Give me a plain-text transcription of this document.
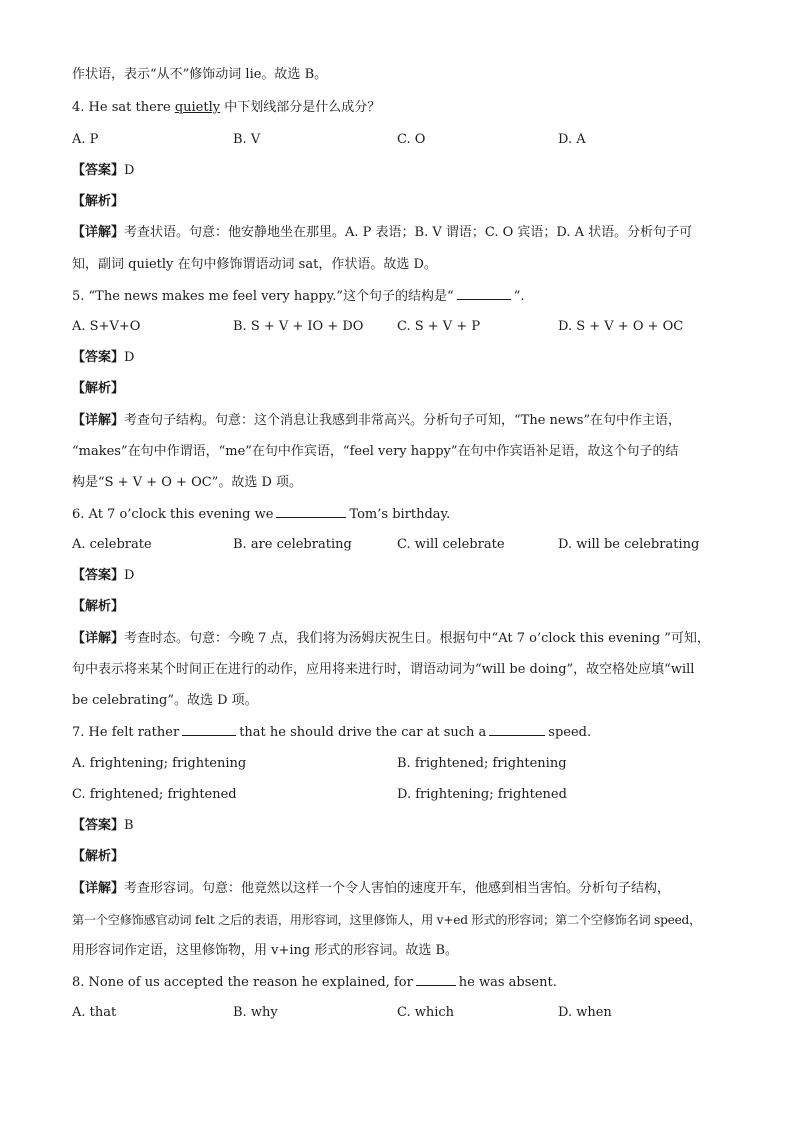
作状语，表示“从不”修饰动词 lie。故选 B。
4. He sat there quietly 中下划线部分是什么成分？
A. P	B. V	C. O	D. A
【答案】D
【解析】
【详解】考查状语。句意：他安静地坐在那里。A. P 表语；B. V 谓语；C. O 宾语；D. A 状语。分析句子可
知，副词 quietly 在句中修饰谓语动词 sat，作状语。故选 D。
5. “The news makes me feel very happy.”这个句子的结构是“	”.
A. S+V+O	B. S + V + IO + DO	C. S + V + P	D. S + V + O + OC
【答案】D
【解析】
【详解】考查句子结构。句意：这个消息让我感到非常高兴。分析句子可知，“The news”在句中作主语，
“makes”在句中作谓语，“me”在句中作宾语，“feel very happy”在句中作宾语补足语，故这个句子的结
构是“S + V + O + OC”。故选 D 项。
6. At 7 o’clock this evening we	Tom’s birthday.
A. celebrate	B. are celebrating	C. will celebrate	D. will be celebrating
【答案】D
【解析】
【详解】考查时态。句意：今晚 7 点，我们将为汤姆庆祝生日。根据句中“At 7 o’clock this evening ”可知，
句中表示将来某个时间正在进行的动作，应用将来进行时，谓语动词为“will be doing”，故空格处应填“will
be celebrating”。故选 D 项。
7. He felt rather	that he should drive the car at such a	speed.
A. frightening; frightening	B. frightened; frightening
C. frightened; frightened	D. frightening; frightened
【答案】B
【解析】
【详解】考查形容词。句意：他竟然以这样一个令人害怕的速度开车，他感到相当害怕。分析句子结构，
第一个空修饰感官动词 felt 之后的表语，用形容词，这里修饰人，用 v+ed 形式的形容词；第二个空修饰名词 speed，
用形容词作定语，这里修饰物，用 v+ing 形式的形容词。故选 B。
8. None of us accepted the reason he explained, for	he was absent.
A. that	B. why	C. which	D. when
